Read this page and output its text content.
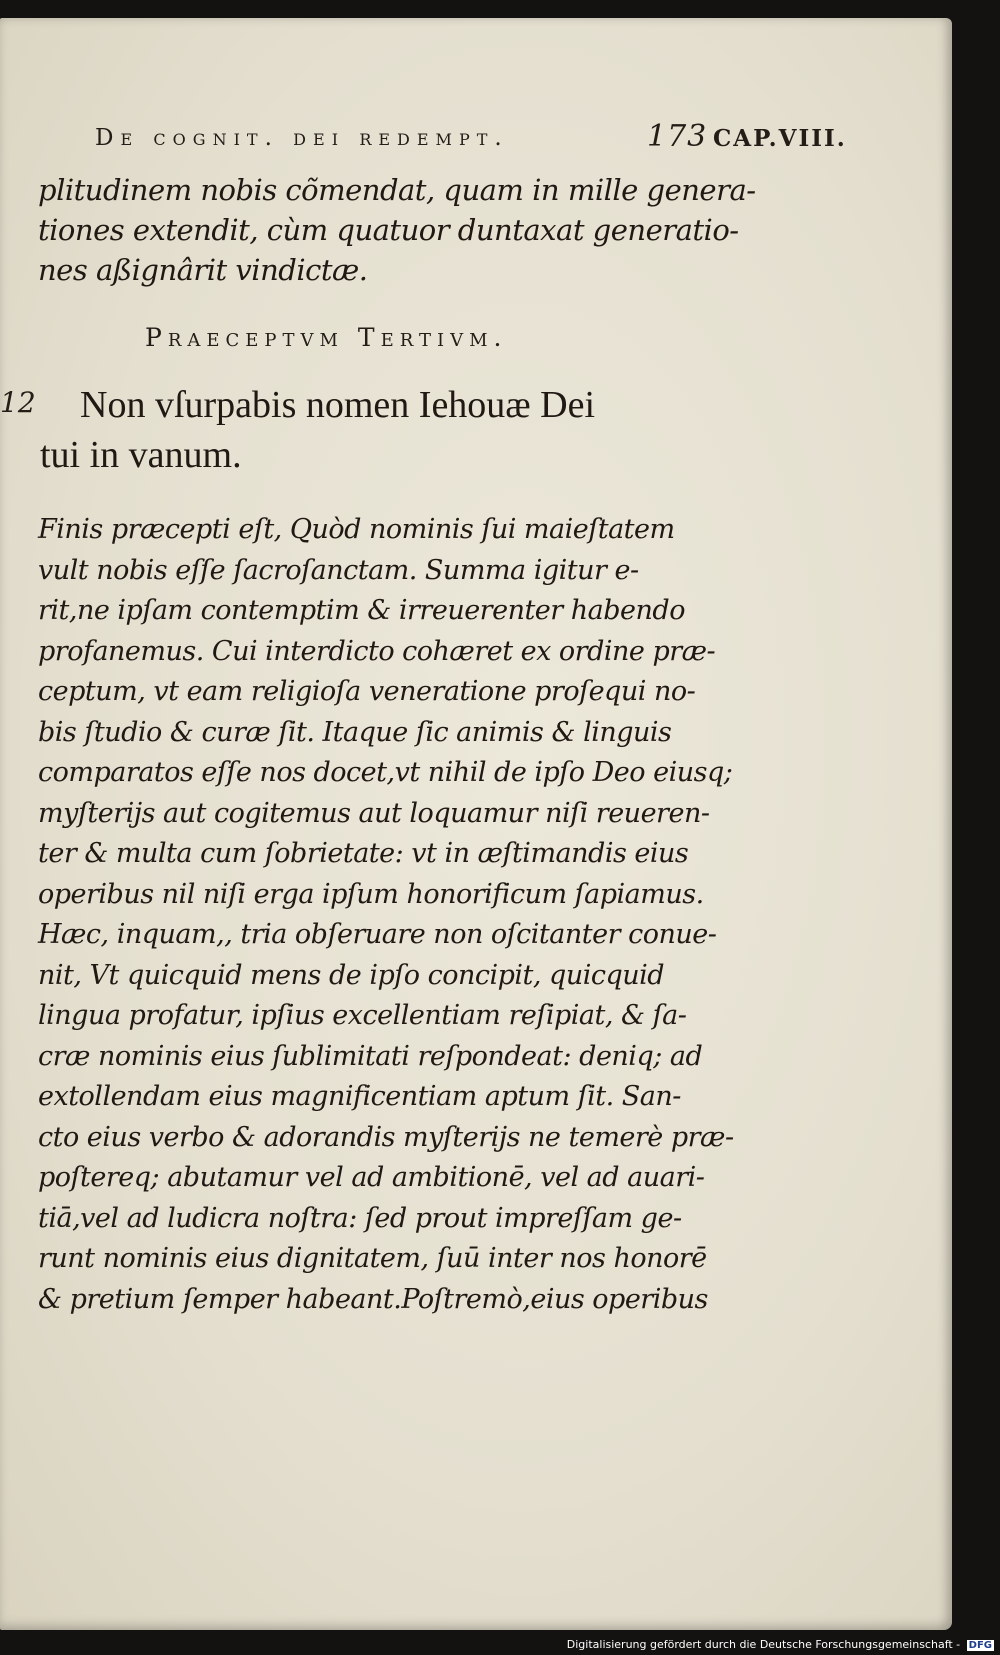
De cognit. dei redempt.	173 CAP.VIII.
plitudinem nobis cõmendat, quam in mille genera-
tiones extendit, cùm quatuor duntaxat generatio-
nes aßignârit vindictæ.
Praeceptvm Tertivm.
12 Non vſurpabis nomen Iehouæ Dei
tui in vanum.
Finis præcepti eſt, Quòd nominis ſui maieſtatem
vult nobis eſſe ſacroſanctam. Summa igitur e-
rit,ne ipſam contemptim & irreuerenter habendo
profanemus. Cui interdicto cohæret ex ordine præ-
ceptum, vt eam religioſa veneratione proſequi no-
bis ſtudio & curæ ſit. Itaque ſic animis & linguis
comparatos eſſe nos docet,vt nihil de ipſo Deo eiusq;
myſterijs aut cogitemus aut loquamur niſi reueren-
ter & multa cum ſobrietate: vt in æſtimandis eius
operibus nil niſi erga ipſum honorificum ſapiamus.
Hæc, inquam,, tria obſeruare non oſcitanter conue-
nit, Vt quicquid mens de ipſo concipit, quicquid
lingua profatur, ipſius excellentiam reſipiat, & ſa-
cræ nominis eius ſublimitati reſpondeat: deniq; ad
extollendam eius magnificentiam aptum ſit. San-
cto eius verbo & adorandis myſterijs ne temerè præ-
poſtereq; abutamur vel ad ambitionē, vel ad auari-
tiā,vel ad ludicra noſtra: ſed prout impreſſam ge-
runt nominis eius dignitatem, ſuū inter nos honorē
& pretium ſemper habeant.Poſtremò,eius operibus
Digitalisierung gefördert durch die Deutsche Forschungsgemeinschaft - DFG
